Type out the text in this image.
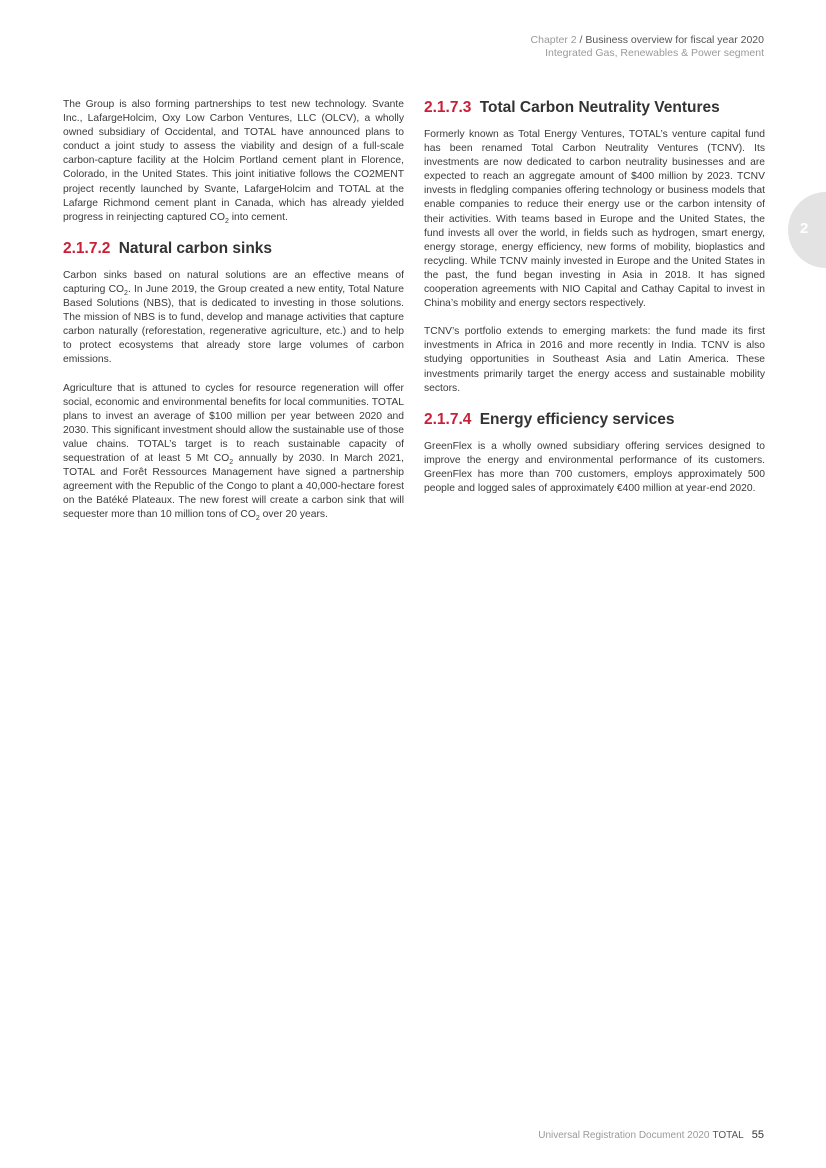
Chapter 2 / Business overview for fiscal year 2020
Integrated Gas, Renewables & Power segment
2

The Group is also forming partnerships to test new technology. Svante Inc., LafargeHolcim, Oxy Low Carbon Ventures, LLC (OLCV), a wholly owned subsidiary of Occidental, and TOTAL have announced plans to conduct a joint study to assess the viability and design of a full-scale carbon-capture facility at the Holcim Portland cement plant in Florence, Colorado, in the United States. This joint initiative follows the CO2MENT project recently launched by Svante, LafargeHolcim and TOTAL at the Lafarge Richmond cement plant in Canada, which has already yielded progress in reinjecting captured $CO_2$ into cement.

2.1.7.2 Natural carbon sinks

Carbon sinks based on natural solutions are an effective means of capturing $CO_2$. In June 2019, the Group created a new entity, Total Nature Based Solutions (NBS), that is dedicated to investing in those solutions. The mission of NBS is to fund, develop and manage activities that capture carbon naturally (reforestation, regenerative agriculture, etc.) and to help to protect ecosystems that already store large volumes of carbon emissions.

Agriculture that is attuned to cycles for resource regeneration will offer social, economic and environmental benefits for local communities. TOTAL plans to invest an average of $100 million per year between 2020 and 2030. This significant investment should allow the sustainable use of those value chains. TOTAL’s target is to reach sustainable capacity of sequestration of at least 5 Mt $CO_2$ annually by 2030. In March 2021, TOTAL and Forêt Ressources Management have signed a partnership agreement with the Republic of the Congo to plant a 40,000-hectare forest on the Batéké Plateaux. The new forest will create a carbon sink that will sequester more than 10 million tons of $CO_2$ over 20 years.

2.1.7.3 Total Carbon Neutrality Ventures

Formerly known as Total Energy Ventures, TOTAL’s venture capital fund has been renamed Total Carbon Neutrality Ventures (TCNV). Its investments are now dedicated to carbon neutrality businesses and are expected to reach an aggregate amount of $400 million by 2023. TCNV invests in fledgling companies offering technology or business models that enable companies to reduce their energy use or the carbon intensity of their activities. With teams based in Europe and the United States, the fund invests all over the world, in fields such as hydrogen, smart energy, energy storage, energy efficiency, new forms of mobility, bioplastics and recycling. While TCNV mainly invested in Europe and the United States in the past, the fund began investing in Asia in 2018. It has signed cooperation agreements with NIO Capital and Cathay Capital to invest in China’s mobility and energy sectors respectively.

TCNV’s portfolio extends to emerging markets: the fund made its first investments in Africa in 2016 and more recently in India. TCNV is also studying opportunities in Southeast Asia and Latin America. These investments primarily target the energy access and sustainable mobility sectors.

2.1.7.4 Energy efficiency services

GreenFlex is a wholly owned subsidiary offering services designed to improve the energy and environmental performance of its customers. GreenFlex has more than 700 customers, employs approximately 500 people and logged sales of approximately €400 million at year-end 2020.

Universal Registration Document 2020 TOTAL 55
